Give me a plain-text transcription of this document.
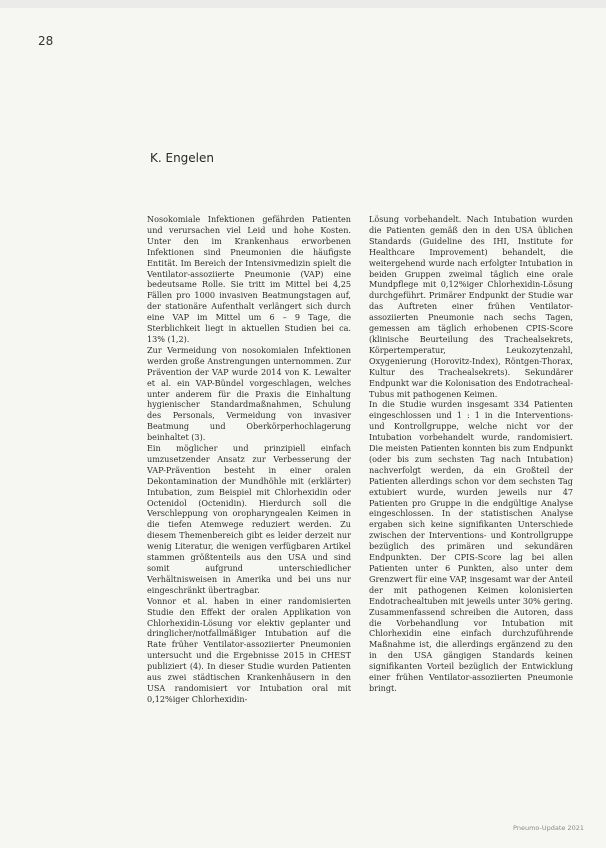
28

K. Engelen

Nosokomiale Infektionen gefährden Patienten und verursachen viel Leid und hohe Kosten. Unter den im Krankenhaus erworbenen Infektionen sind Pneumonien die häufigste Entität. Im Bereich der Intensivmedizin spielt die Ventilator-assoziierte Pneumonie (VAP) eine bedeutsame Rolle. Sie tritt im Mittel bei 4,25 Fällen pro 1000 invasiven Beatmungstagen auf, der stationäre Aufenthalt verlängert sich durch eine VAP im Mittel um 6 – 9 Tage, die Sterblichkeit liegt in aktuellen Studien bei ca. 13% (1,2).

Zur Vermeidung von nosokomialen Infektionen werden große Anstrengungen unternommen. Zur Prävention der VAP wurde 2014 von K. Lewalter et al. ein VAP-Bündel vorgeschlagen, welches unter anderem für die Praxis die Einhaltung hygienischer Standardmaßnahmen, Schulung des Personals, Vermeidung von invasiver Beatmung und Oberkörperhochlagerung beinhaltet (3).

Ein möglicher und prinzipiell einfach umzusetzender Ansatz zur Verbesserung der VAP-Prävention besteht in einer oralen Dekontamination der Mundhöhle mit (erklärter) Intubation, zum Beispiel mit Chlorhexidin oder Octenidol (Octenidin). Hierdurch soll die Verschleppung von oropharyngealen Keimen in die tiefen Atemwege reduziert werden. Zu diesem Themenbereich gibt es leider derzeit nur wenig Literatur, die wenigen verfügbaren Artikel stammen größtenteils aus den USA und sind somit aufgrund unterschiedlicher Verhältnisweisen in Amerika und bei uns nur eingeschränkt übertragbar.

Vonnor et al. haben in einer randomisierten Studie den Effekt der oralen Applikation von Chlorhexidin-Lösung vor elektiv geplanter und dringlicher/notfallmäßiger Intubation auf die Rate früher Ventilator-assoziierter Pneumonien untersucht und die Ergebnisse 2015 in CHEST publiziert (4). In dieser Studie wurden Patienten aus zwei städtischen Krankenhäusern in den USA randomisiert vor Intubation oral mit 0,12%iger Chlorhexidin-

Lösung vorbehandelt. Nach Intubation wurden die Patienten gemäß den in den USA üblichen Standards (Guideline des IHI, Institute for Healthcare Improvement) behandelt, die weitergehend wurde nach erfolgter Intubation in beiden Gruppen zweimal täglich eine orale Mundpflege mit 0,12%iger Chlorhexidin-Lösung durchgeführt. Primärer Endpunkt der Studie war das Auftreten einer frühen Ventilator-assoziierten Pneumonie nach sechs Tagen, gemessen am täglich erhobenen CPIS-Score (klinische Beurteilung des Trachealsekrets, Körpertemperatur, Leukozytenzahl, Oxygenierung (Horovitz-Index), Röntgen-Thorax, Kultur des Trachealsekrets). Sekundärer Endpunkt war die Kolonisation des Endotracheal-Tubus mit pathogenen Keimen.

In die Studie wurden insgesamt 334 Patienten eingeschlossen und 1 : 1 in die Interventions- und Kontrollgruppe, welche nicht vor der Intubation vorbehandelt wurde, randomisiert. Die meisten Patienten konnten bis zum Endpunkt (oder bis zum sechsten Tag nach Intubation) nachverfolgt werden, da ein Großteil der Patienten allerdings schon vor dem sechsten Tag extubiert wurde, wurden jeweils nur 47 Patienten pro Gruppe in die endgültige Analyse eingeschlossen. In der statistischen Analyse ergaben sich keine signifikanten Unterschiede zwischen der Interventions- und Kontrollgruppe bezüglich des primären und sekundären Endpunkten. Der CPIS-Score lag bei allen Patienten unter 6 Punkten, also unter dem Grenzwert für eine VAP, insgesamt war der Anteil der mit pathogenen Keimen kolonisierten Endotrachealtuben mit jeweils unter 30% gering. Zusammenfassend schreiben die Autoren, dass die Vorbehandlung vor Intubation mit Chlorhexidin eine einfach durchzuführende Maßnahme ist, die allerdings ergänzend zu den in den USA gängigen Standards keinen signifikanten Vorteil bezüglich der Entwicklung einer frühen Ventilator-assoziierten Pneumonie bringt.

Pneumo-Update 2021
